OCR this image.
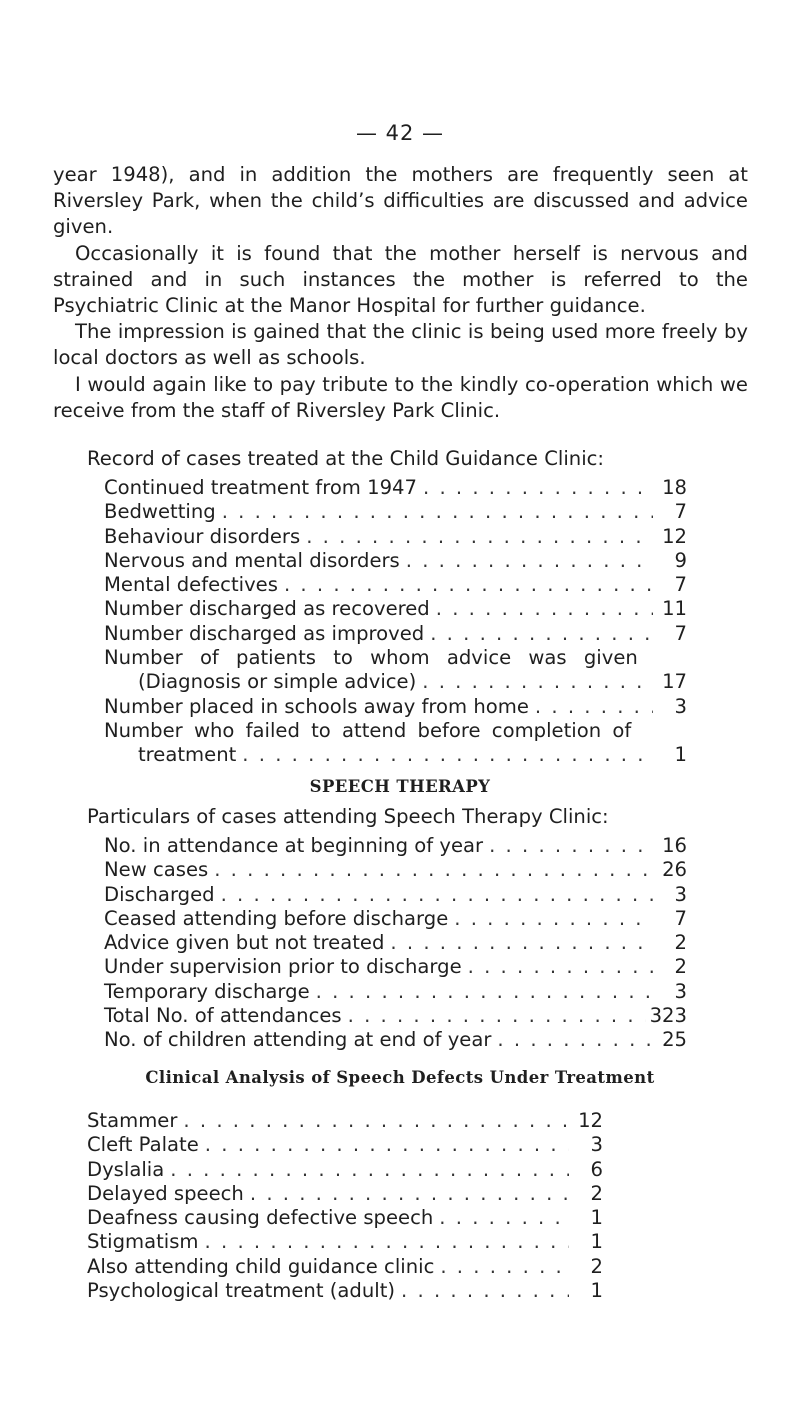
— 42 —

year 1948), and in addition the mothers are frequently seen at Riversley Park, when the child’s difficulties are discussed and advice given.

Occasionally it is found that the mother herself is nervous and strained and in such instances the mother is referred to the Psychiatric Clinic at the Manor Hospital for further guidance.

The impression is gained that the clinic is being used more freely by local doctors as well as schools.

I would again like to pay tribute to the kindly co-operation which we receive from the staff of Riversley Park Clinic.

Record of cases treated at the Child Guidance Clinic:
Continued treatment from 1947 . . .	18
Bedwetting . . .	7
Behaviour disorders . . .	12
Nervous and mental disorders . . .	9
Mental defectives . . .	7
Number discharged as recovered . . .	11
Number discharged as improved . . .	7
Number of patients to whom advice was given
(Diagnosis or simple advice) . . .	17
Number placed in schools away from home . . .	3
Number who failed to attend before completion of
treatment . . .	1
SPEECH THERAPY
Particulars of cases attending Speech Therapy Clinic:
No. in attendance at beginning of year . . .	16
New cases . . .	26
Discharged . . .	3
Ceased attending before discharge . . .	7
Advice given but not treated . . .	2
Under supervision prior to discharge . . .	2
Temporary discharge . . .	3
Total No. of attendances . . .	323
No. of children attending at end of year . . .	25
Clinical Analysis of Speech Defects Under Treatment
Stammer . . .	12
Cleft Palate . . .	3
Dyslalia . . .	6
Delayed speech . . .	2
Deafness causing defective speech . . .	1
Stigmatism . . .	1
Also attending child guidance clinic . . .	2
Psychological treatment (adult) . . .	1
